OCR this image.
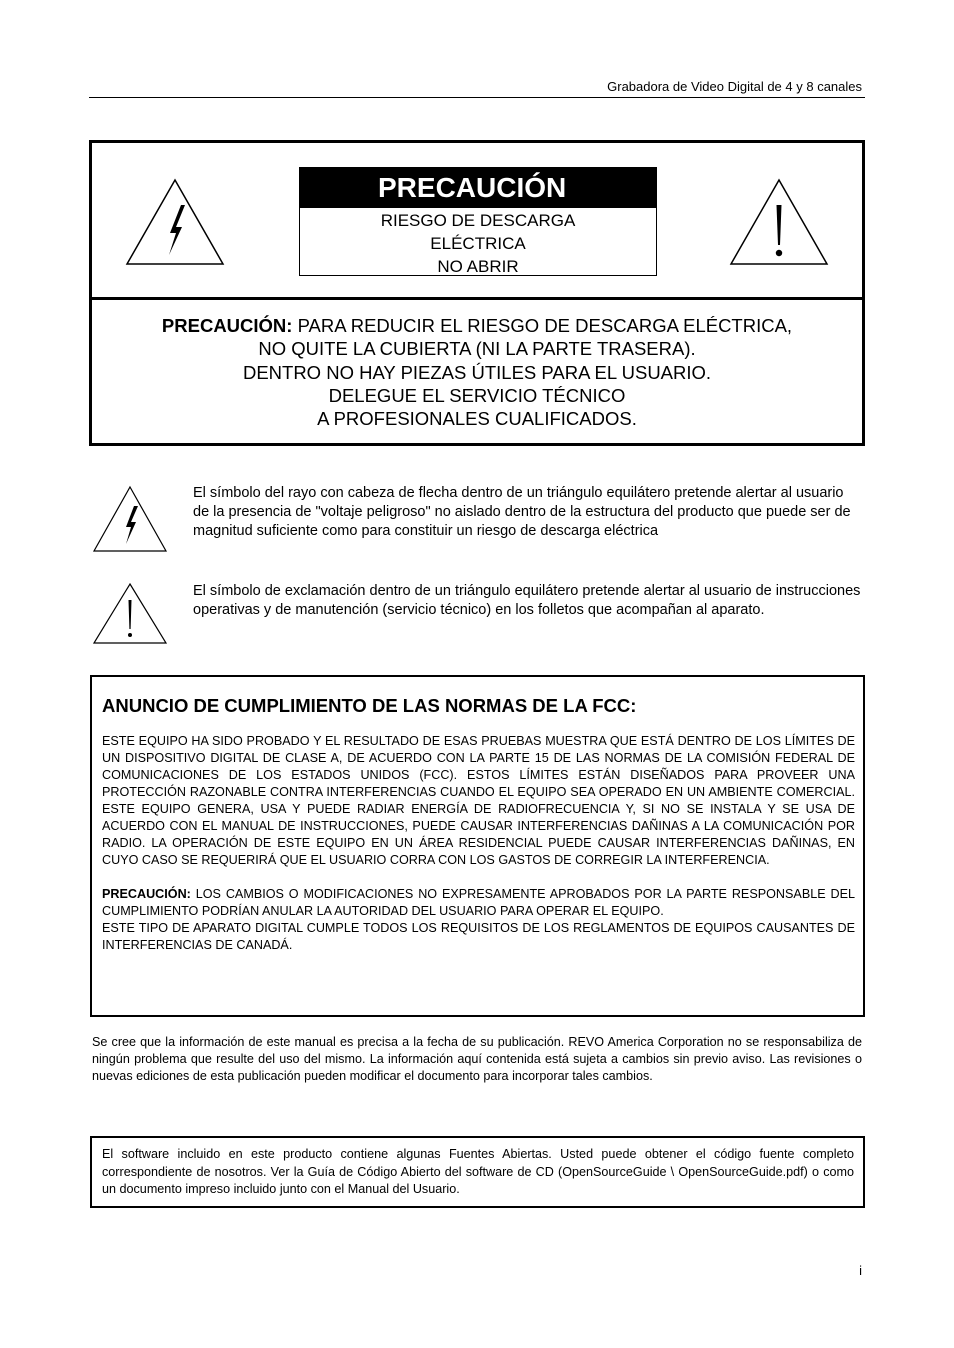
Grabadora de Video Digital de 4 y 8 canales
PRECAUCIÓN
RIESGO DE DESCARGA
ELÉCTRICA
NO ABRIR
PRECAUCIÓN: PARA REDUCIR EL RIESGO DE DESCARGA ELÉCTRICA,
NO QUITE LA CUBIERTA (NI LA PARTE TRASERA).
DENTRO NO HAY PIEZAS ÚTILES PARA EL USUARIO.
DELEGUE EL SERVICIO TÉCNICO
A PROFESIONALES CUALIFICADOS.
El símbolo del rayo con cabeza de flecha dentro de un triángulo equilátero pretende alertar al usuario de la presencia de "voltaje peligroso" no aislado dentro de la estructura del producto que puede ser de magnitud suficiente como para constituir un riesgo de descarga eléctrica
El símbolo de exclamación dentro de un triángulo equilátero pretende alertar al usuario de instrucciones operativas y de manutención (servicio técnico) en los folletos que acompañan al aparato.
ANUNCIO DE CUMPLIMIENTO DE LAS NORMAS DE LA FCC:

ESTE EQUIPO HA SIDO PROBADO Y EL RESULTADO DE ESAS PRUEBAS MUESTRA QUE ESTÁ DENTRO DE LOS LÍMITES DE UN DISPOSITIVO DIGITAL DE CLASE A, DE ACUERDO CON LA PARTE 15 DE LAS NORMAS DE LA COMISIÓN FEDERAL DE COMUNICACIONES DE LOS ESTADOS UNIDOS (FCC). ESTOS LÍMITES ESTÁN DISEÑADOS PARA PROVEER UNA PROTECCIÓN RAZONABLE CONTRA INTERFERENCIAS CUANDO EL EQUIPO SEA OPERADO EN UN AMBIENTE COMERCIAL. ESTE EQUIPO GENERA, USA Y PUEDE RADIAR ENERGÍA DE RADIOFRECUENCIA Y, SI NO SE INSTALA Y SE USA DE ACUERDO CON EL MANUAL DE INSTRUCCIONES, PUEDE CAUSAR INTERFERENCIAS DAÑINAS A LA COMUNICACIÓN POR RADIO. LA OPERACIÓN DE ESTE EQUIPO EN UN ÁREA RESIDENCIAL PUEDE CAUSAR INTERFERENCIAS DAÑINAS, EN CUYO CASO SE REQUERIRÁ QUE EL USUARIO CORRA CON LOS GASTOS DE CORREGIR LA INTERFERENCIA.

PRECAUCIÓN: LOS CAMBIOS O MODIFICACIONES NO EXPRESAMENTE APROBADOS POR LA PARTE RESPONSABLE DEL CUMPLIMIENTO PODRÍAN ANULAR LA AUTORIDAD DEL USUARIO PARA OPERAR EL EQUIPO.

ESTE TIPO DE APARATO DIGITAL CUMPLE TODOS LOS REQUISITOS DE LOS REGLAMENTOS DE EQUIPOS CAUSANTES DE INTERFERENCIAS DE CANADÁ.

Se cree que la información de este manual es precisa a la fecha de su publicación. REVO America Corporation no se responsabiliza de ningún problema que resulte del uso del mismo. La información aquí contenida está sujeta a cambios sin previo aviso. Las revisiones o nuevas ediciones de esta publicación pueden modificar el documento para incorporar tales cambios.
El software incluido en este producto contiene algunas Fuentes Abiertas. Usted puede obtener el código fuente completo correspondiente de nosotros. Ver la Guía de Código Abierto del software de CD (OpenSourceGuide \ OpenSourceGuide.pdf) o como un documento impreso incluido junto con el Manual del Usuario.
i
